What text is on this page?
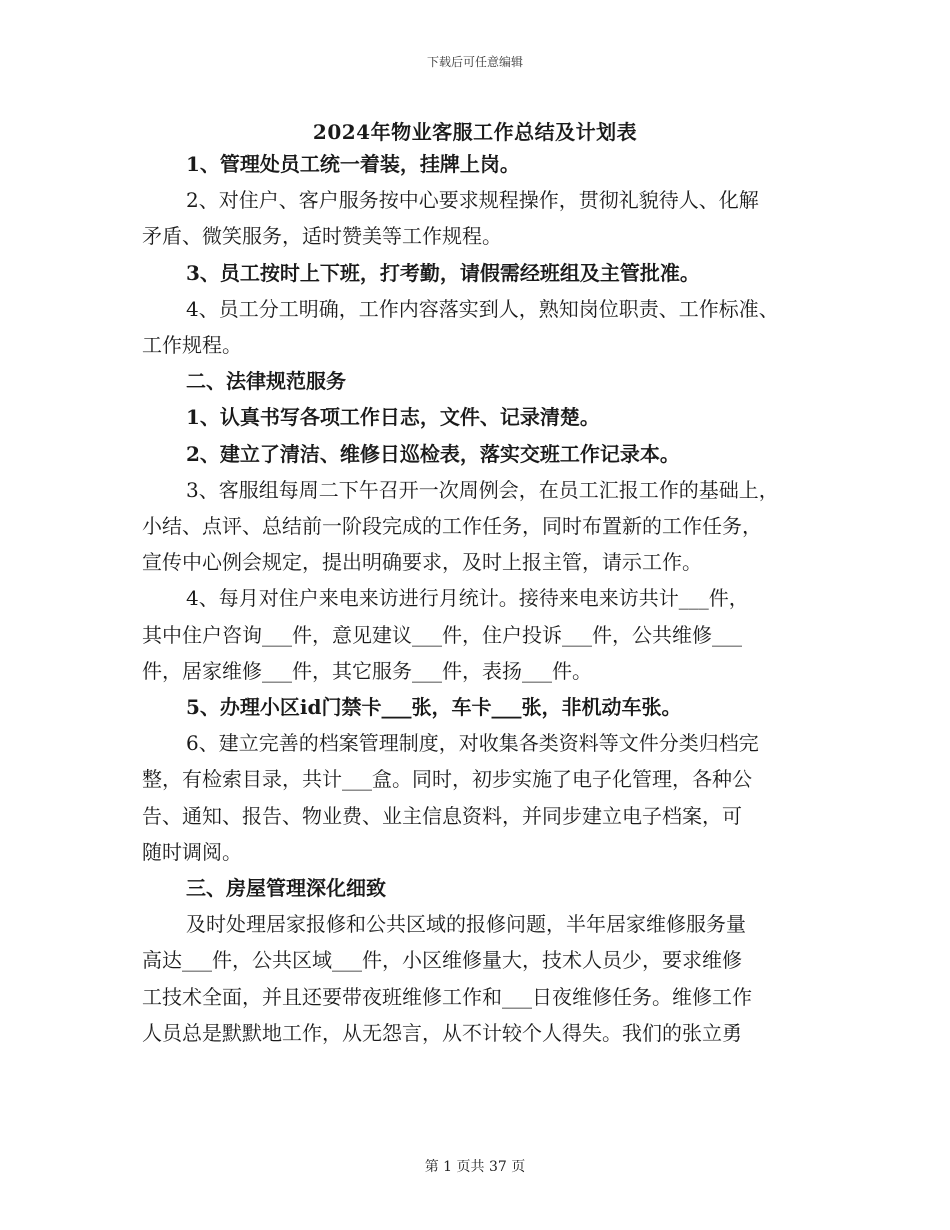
下载后可任意编辑
2024年物业客服工作总结及计划表

1、管理处员工统一着装，挂牌上岗。

2、对住户、客户服务按中心要求规程操作，贯彻礼貌待人、化解
矛盾、微笑服务，适时赞美等工作规程。

3、员工按时上下班，打考勤，请假需经班组及主管批准。

4、员工分工明确，工作内容落实到人，熟知岗位职责、工作标准、
工作规程。

二、法律规范服务

1、认真书写各项工作日志，文件、记录清楚。

2、建立了清洁、维修日巡检表，落实交班工作记录本。

3、客服组每周二下午召开一次周例会，在员工汇报工作的基础上，
小结、点评、总结前一阶段完成的工作任务，同时布置新的工作任务，
宣传中心例会规定，提出明确要求，及时上报主管，请示工作。

4、每月对住户来电来访进行月统计。接待来电来访共计___件，
其中住户咨询___件，意见建议___件，住户投诉___件，公共维修___
件，居家维修___件，其它服务___件，表扬___件。

5、办理小区id门禁卡___张，车卡___张，非机动车张。

6、建立完善的档案管理制度，对收集各类资料等文件分类归档完
整，有检索目录，共计___盒。同时，初步实施了电子化管理，各种公
告、通知、报告、物业费、业主信息资料，并同步建立电子档案，可
随时调阅。

三、房屋管理深化细致

及时处理居家报修和公共区域的报修问题，半年居家维修服务量
高达___件，公共区域___件，小区维修量大，技术人员少，要求维修
工技术全面，并且还要带夜班维修工作和___日夜维修任务。维修工作
人员总是默默地工作，从无怨言，从不计较个人得失。我们的张立勇

第 1 页共 37 页
